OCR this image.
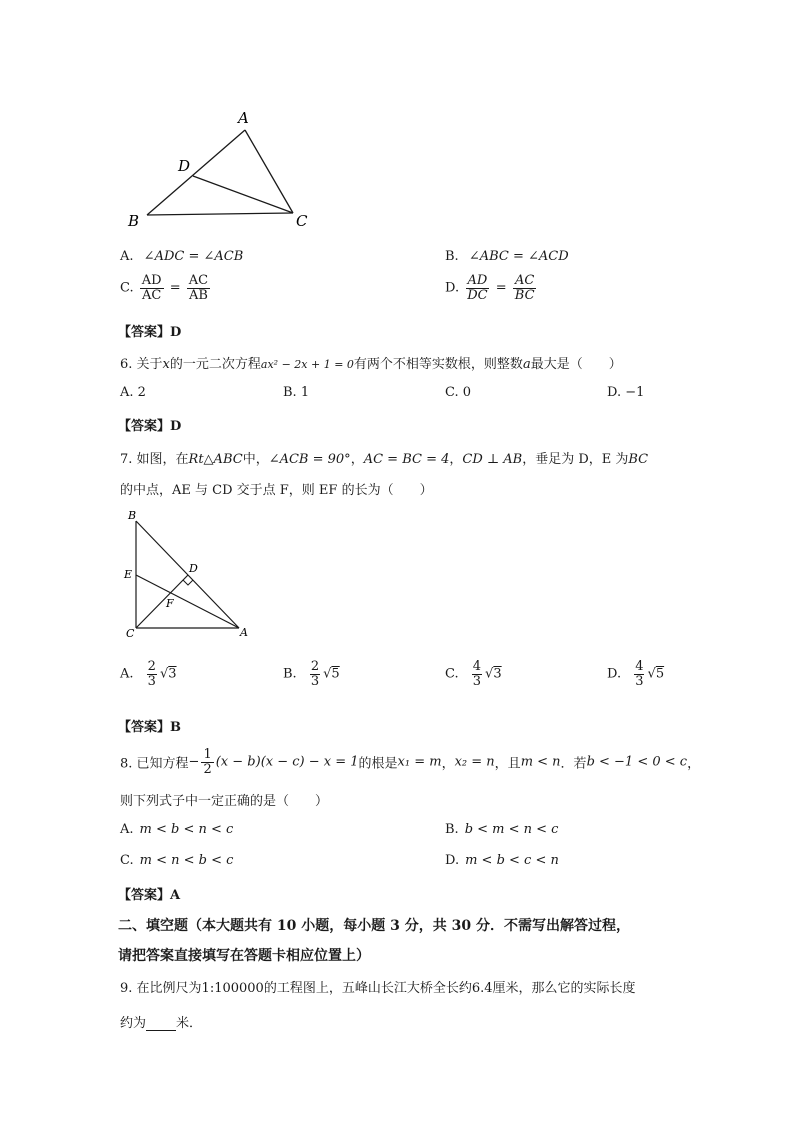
A
D
B	C
A. ∠ADC = ∠ACB	B. ∠ABC = ∠ACD
C. $\frac{AD}{AC} = \frac{AC}{AB}$	D. $\frac{AD}{DC} = \frac{AC}{BC}$
【答案】D
6. 关于x的一元二次方程ax² − 2x + 1 = 0有两个不相等实数根，则整数a最大是（　　）
A. 2	B. 1	C. 0	D. −1
【答案】D
7. 如图，在Rt△ABC中，∠ACB = 90°，AC = BC = 4，CD ⊥ AB，垂足为 D，E 为BC
的中点，AE 与 CD 交于点 F，则 EF 的长为（　　）
B
D
E
F
C	A
A. $\frac{2}{3} √3$	B. $\frac{2}{3} √5$	C. $\frac{4}{3} √3$	D. $\frac{4}{3} √5$
【答案】B
8. 已知方程− $\frac{1}{2} (x - b)(x - c) - x = 1$的根是x₁ = m，x₂ = n，且m < n．若b < −1 < 0 < c，
则下列式子中一定正确的是（　　）
A. m < b < n < c	B. b < m < n < c
C. m < n < b < c	D. m < b < c < n
【答案】A
二、填空题（本大题共有 10 小题，每小题 3 分，共 30 分．不需写出解答过程，
请把答案直接填写在答题卡相应位置上）
9. 在比例尺为1:100000的工程图上，五峰山长江大桥全长约6.4厘米，那么它的实际长度
约为 米．
